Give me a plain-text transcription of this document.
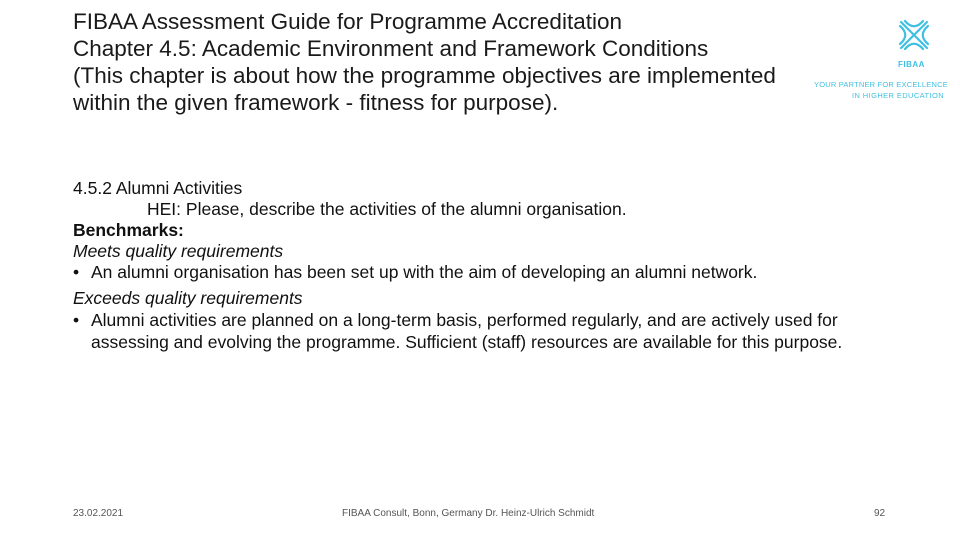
FIBAA Assessment Guide for Programme Accreditation
Chapter 4.5: Academic Environment and Framework Conditions
(This chapter is about how the programme objectives are implemented
within the given framework - fitness for purpose).
FIBAA
YOUR PARTNER FOR EXCELLENCE
IN HIGHER EDUCATION

4.5.2 Alumni Activities

HEI: Please, describe the activities of the alumni organisation.

Benchmarks:

Meets quality requirements

• An alumni organisation has been set up with the aim of developing an alumni network.

Exceeds quality requirements

• Alumni activities are planned on a long-term basis, performed regularly, and are actively used for assessing and evolving the programme. Sufficient (staff) resources are available for this purpose.
23.02.2021	FIBAA Consult, Bonn, Germany Dr. Heinz-Ulrich Schmidt	92
